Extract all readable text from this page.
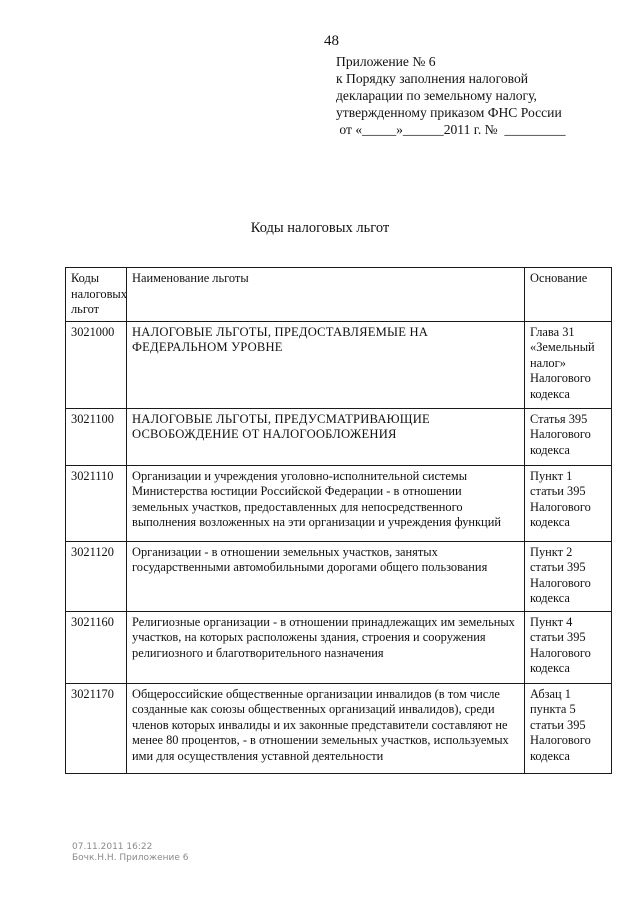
48
Приложение № 6
к Порядку заполнения налоговой
декларации по земельному налогу,
утвержденному приказом ФНС России
от «_____»______2011 г. №  _________
Коды налоговых льгот
Коды налоговых льгот	Наименование льготы	Основание
3021000	НАЛОГОВЫЕ ЛЬГОТЫ, ПРЕДОСТАВЛЯЕМЫЕ НА ФЕДЕРАЛЬНОМ УРОВНЕ	Глава 31 «Земельный налог» Налогового кодекса
3021100	НАЛОГОВЫЕ ЛЬГОТЫ, ПРЕДУСМАТРИВАЮЩИЕ ОСВОБОЖДЕНИЕ ОТ НАЛОГООБЛОЖЕНИЯ	Статья 395 Налогового кодекса
3021110	Организации и учреждения уголовно-исполнительной системы Министерства юстиции Российской Федерации - в отношении земельных участков, предоставленных для непосредственного выполнения возложенных на эти организации и учреждения функций	Пункт 1 статьи 395 Налогового кодекса
3021120	Организации - в отношении земельных участков, занятых государственными автомобильными дорогами общего пользования	Пункт 2 статьи 395 Налогового кодекса
3021160	Религиозные организации - в отношении принадлежащих им земельных участков, на которых расположены здания, строения и сооружения религиозного и благотворительного назначения	Пункт 4 статьи 395 Налогового кодекса
3021170	Общероссийские общественные организации инвалидов (в том числе созданные как союзы общественных организаций инвалидов), среди членов которых инвалиды и их законные представители составляют не менее 80 процентов, - в отношении земельных участков, используемых ими для осуществления уставной деятельности	Абзац 1 пункта 5 статьи 395 Налогового кодекса
07.11.2011 16:22
Бочк.Н.Н. Приложение 6
